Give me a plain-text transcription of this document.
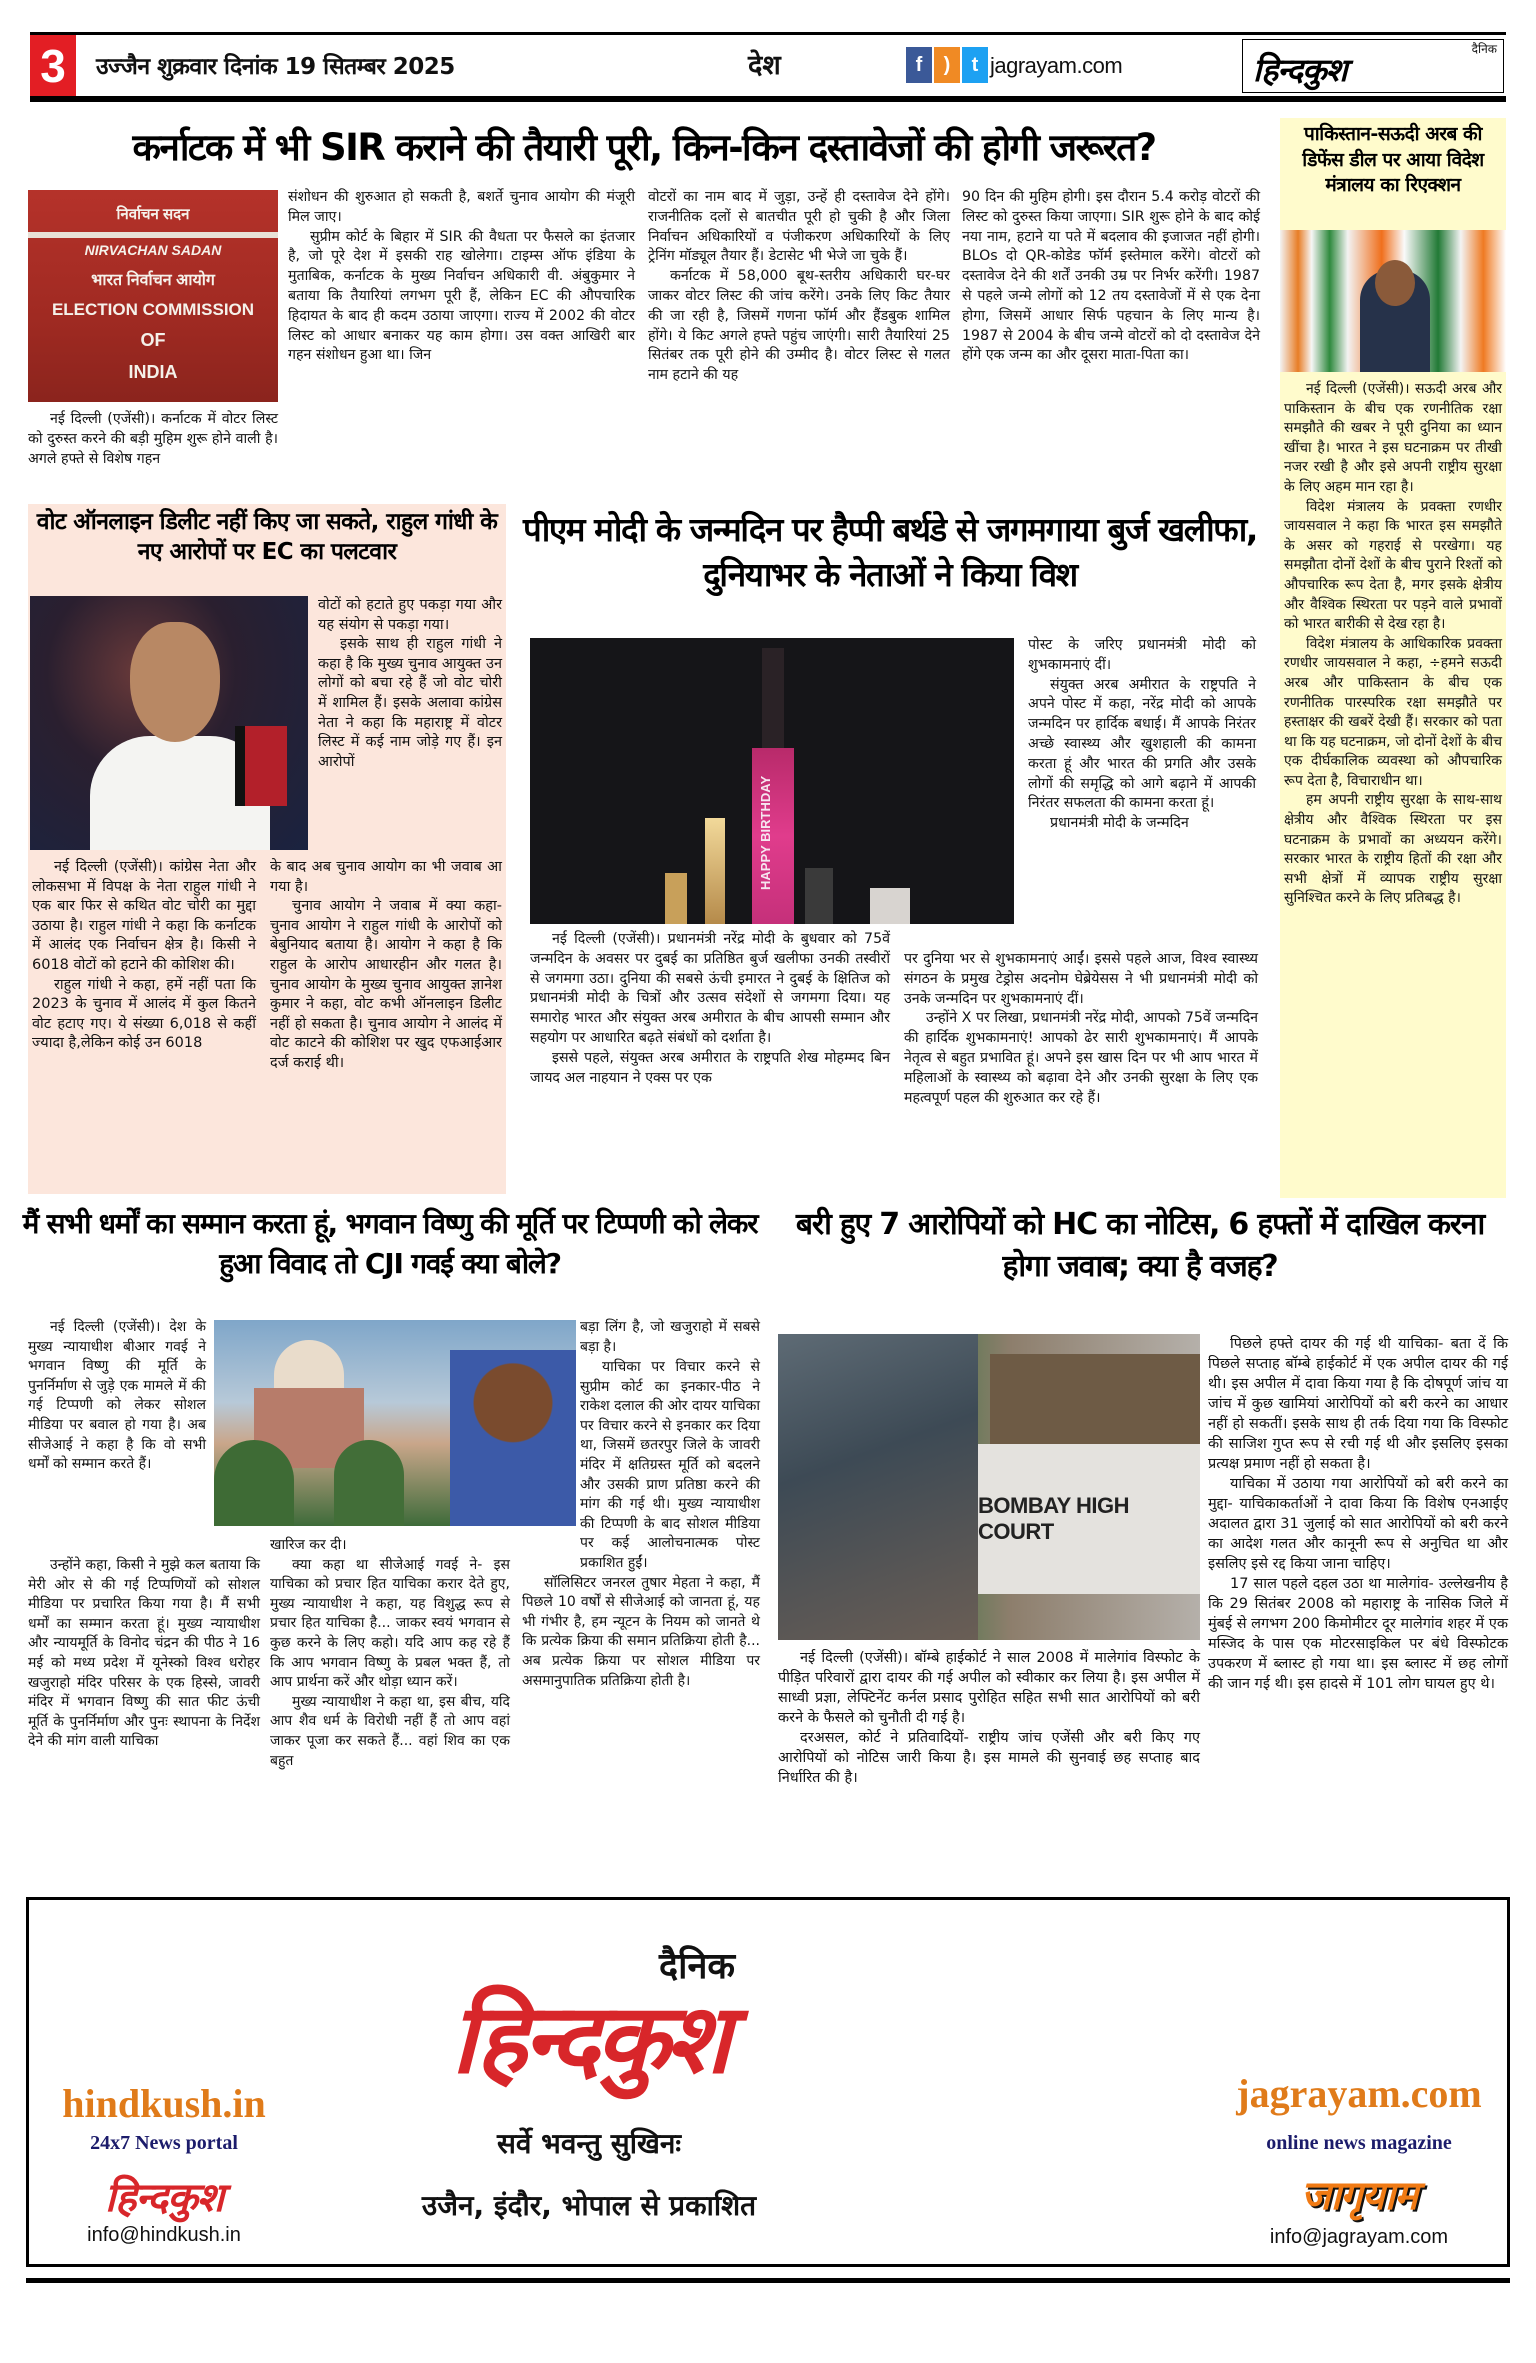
3	उज्जैन शुक्रवार दिनांक 19 सितम्बर 2025	देश	f	)	t jagrayam.com
दैनिक
हिन्दकुश
कर्नाटक में भी SIR कराने की तैयारी पूरी, किन-किन दस्तावेजों की होगी जरूरत?
निर्वाचन सदन
NIRVACHAN SADAN
भारत निर्वाचन आयोग
ELECTION COMMISSION
OF
INDIA

नई दिल्ली (एजेंसी)। कर्नाटक में वोटर लिस्ट को दुरुस्त करने की बड़ी मुहिम शुरू होने वाली है। अगले हफ्ते से विशेष गहन

संशोधन की शुरुआत हो सकती है, बशर्ते चुनाव आयोग की मंजूरी मिल जाए।

सुप्रीम कोर्ट के बिहार में SIR की वैधता पर फैसले का इंतजार है, जो पूरे देश में इसकी राह खोलेगा। टाइम्स ऑफ इंडिया के मुताबिक, कर्नाटक के मुख्य निर्वाचन अधिकारी वी. अंबुकुमार ने बताया कि तैयारियां लगभग पूरी हैं, लेकिन EC की औपचारिक हिदायत के बाद ही कदम उठाया जाएगा। राज्य में 2002 की वोटर लिस्ट को आधार बनाकर यह काम होगा। उस वक्त आखिरी बार गहन संशोधन हुआ था। जिन

वोटरों का नाम बाद में जुड़ा, उन्हें ही दस्तावेज देने होंगे। राजनीतिक दलों से बातचीत पूरी हो चुकी है और जिला निर्वाचन अधिकारियों व पंजीकरण अधिकारियों के लिए ट्रेनिंग मॉड्यूल तैयार हैं। डेटासेट भी भेजे जा चुके हैं।

कर्नाटक में 58,000 बूथ-स्तरीय अधिकारी घर-घर जाकर वोटर लिस्ट की जांच करेंगे। उनके लिए किट तैयार की जा रही है, जिसमें गणना फॉर्म और हैंडबुक शामिल होंगे। ये किट अगले हफ्ते पहुंच जाएंगी। सारी तैयारियां 25 सितंबर तक पूरी होने की उम्मीद है। वोटर लिस्ट से गलत नाम हटाने की यह

90 दिन की मुहिम होगी। इस दौरान 5.4 करोड़ वोटरों की लिस्ट को दुरुस्त किया जाएगा। SIR शुरू होने के बाद कोई नया नाम, हटाने या पते में बदलाव की इजाजत नहीं होगी। BLOs दो QR-कोडेड फॉर्म इस्तेमाल करेंगे। वोटरों को दस्तावेज देने की शर्तें उनकी उम्र पर निर्भर करेंगी। 1987 से पहले जन्मे लोगों को 12 तय दस्तावेजों में से एक देना होगा, जिसमें आधार सिर्फ पहचान के लिए मान्य है। 1987 से 2004 के बीच जन्मे वोटरों को दो दस्तावेज देने होंगे एक जन्म का और दूसरा माता-पिता का।

पाकिस्तान-सऊदी अरब की डिफेंस डील पर आया विदेश मंत्रालय का रिएक्शन

नई दिल्ली (एजेंसी)। सऊदी अरब और पाकिस्तान के बीच एक रणनीतिक रक्षा समझौते की खबर ने पूरी दुनिया का ध्यान खींचा है। भारत ने इस घटनाक्रम पर तीखी नजर रखी है और इसे अपनी राष्ट्रीय सुरक्षा के लिए अहम मान रहा है।

विदेश मंत्रालय के प्रवक्ता रणधीर जायसवाल ने कहा कि भारत इस समझौते के असर को गहराई से परखेगा। यह समझौता दोनों देशों के बीच पुराने रिश्तों को औपचारिक रूप देता है, मगर इसके क्षेत्रीय और वैश्विक स्थिरता पर पड़ने वाले प्रभावों को भारत बारीकी से देख रहा है।

विदेश मंत्रालय के आधिकारिक प्रवक्ता रणधीर जायसवाल ने कहा, ÷हमने सऊदी अरब और पाकिस्तान के बीच एक रणनीतिक पारस्परिक रक्षा समझौते पर हस्ताक्षर की खबरें देखी हैं। सरकार को पता था कि यह घटनाक्रम, जो दोनों देशों के बीच एक दीर्घकालिक व्यवस्था को औपचारिक रूप देता है, विचाराधीन था।

हम अपनी राष्ट्रीय सुरक्षा के साथ-साथ क्षेत्रीय और वैश्विक स्थिरता पर इस घटनाक्रम के प्रभावों का अध्ययन करेंगे। सरकार भारत के राष्ट्रीय हितों की रक्षा और सभी क्षेत्रों में व्यापक राष्ट्रीय सुरक्षा सुनिश्चित करने के लिए प्रतिबद्ध है।

वोट ऑनलाइन डिलीट नहीं किए जा सकते, राहुल गांधी के नए आरोपों पर EC का पलटवार

वोटों को हटाते हुए पकड़ा गया और यह संयोग से पकड़ा गया।

इसके साथ ही राहुल गांधी ने कहा है कि मुख्य चुनाव आयुक्त उन लोगों को बचा रहे हैं जो वोट चोरी में शामिल हैं। इसके अलावा कांग्रेस नेता ने कहा कि महाराष्ट्र में वोटर लिस्ट में कई नाम जोड़े गए हैं। इन आरोपों

नई दिल्ली (एजेंसी)। कांग्रेस नेता और लोकसभा में विपक्ष के नेता राहुल गांधी ने एक बार फिर से कथित वोट चोरी का मुद्दा उठाया है। राहुल गांधी ने कहा कि कर्नाटक में आलंद एक निर्वाचन क्षेत्र है। किसी ने 6018 वोटों को हटाने की कोशिश की।

राहुल गांधी ने कहा, हमें नहीं पता कि 2023 के चुनाव में आलंद में कुल कितने वोट हटाए गए। ये संख्या 6,018 से कहीं ज्यादा है,लेकिन कोई उन 6018

के बाद अब चुनाव आयोग का भी जवाब आ गया है।

चुनाव आयोग ने जवाब में क्या कहा- चुनाव आयोग ने राहुल गांधी के आरोपों को बेबुनियाद बताया है। आयोग ने कहा है कि राहुल के आरोप आधारहीन और गलत है। चुनाव आयोग के मुख्य चुनाव आयुक्त ज्ञानेश कुमार ने कहा, वोट कभी ऑनलाइन डिलीट नहीं हो सकता है। चुनाव आयोग ने आलंद में वोट काटने की कोशिश पर खुद एफआईआर दर्ज कराई थी।

पीएम मोदी के जन्मदिन पर हैप्पी बर्थडे से जगमगाया बुर्ज खलीफा, दुनियाभर के नेताओं ने किया विश
HAPPY BIRTHDAY

पोस्ट के जरिए प्रधानमंत्री मोदी को शुभकामनाएं दीं।

संयुक्त अरब अमीरात के राष्ट्रपति ने अपने पोस्ट में कहा, नरेंद्र मोदी को आपके जन्मदिन पर हार्दिक बधाई। मैं आपके निरंतर अच्छे स्वास्थ्य और खुशहाली की कामना करता हूं और भारत की प्रगति और उसके लोगों की समृद्धि को आगे बढ़ाने में आपकी निरंतर सफलता की कामना करता हूं।

प्रधानमंत्री मोदी के जन्मदिन

नई दिल्ली (एजेंसी)। प्रधानमंत्री नरेंद्र मोदी के बुधवार को 75वें जन्मदिन के अवसर पर दुबई का प्रतिष्ठित बुर्ज खलीफा उनकी तस्वीरों से जगमगा उठा। दुनिया की सबसे ऊंची इमारत ने दुबई के क्षितिज को प्रधानमंत्री मोदी के चित्रों और उत्सव संदेशों से जगमगा दिया। यह समारोह भारत और संयुक्त अरब अमीरात के बीच आपसी सम्मान और सहयोग पर आधारित बढ़ते संबंधों को दर्शाता है।

इससे पहले, संयुक्त अरब अमीरात के राष्ट्रपति शेख मोहम्मद बिन जायद अल नाहयान ने एक्स पर एक

पर दुनिया भर से शुभकामनाएं आईं। इससे पहले आज, विश्व स्वास्थ्य संगठन के प्रमुख टेड्रोस अदनोम घेब्रेयेसस ने भी प्रधानमंत्री मोदी को उनके जन्मदिन पर शुभकामनाएं दीं।

उन्होंने X पर लिखा, प्रधानमंत्री नरेंद्र मोदी, आपको 75वें जन्मदिन की हार्दिक शुभकामनाएं! आपको ढेर सारी शुभकामनाएं। मैं आपके नेतृत्व से बहुत प्रभावित हूं। अपने इस खास दिन पर भी आप भारत में महिलाओं के स्वास्थ्य को बढ़ावा देने और उनकी सुरक्षा के लिए एक महत्वपूर्ण पहल की शुरुआत कर रहे हैं।

मैं सभी धर्मों का सम्मान करता हूं, भगवान विष्णु की मूर्ति पर टिप्पणी को लेकर हुआ विवाद तो CJI गवई क्या बोले?

नई दिल्ली (एजेंसी)। देश के मुख्य न्यायाधीश बीआर गवई ने भगवान विष्णु की मूर्ति के पुनर्निर्माण से जुड़े एक मामले में की गई टिप्पणी को लेकर सोशल मीडिया पर बवाल हो गया है। अब सीजेआई ने कहा है कि वो सभी धर्मों को सम्मान करते हैं।

उन्होंने कहा, किसी ने मुझे कल बताया कि मेरी ओर से की गई टिप्पणियों को सोशल मीडिया पर प्रचारित किया गया है। मैं सभी धर्मों का सम्मान करता हूं। मुख्य न्यायाधीश और न्यायमूर्ति के विनोद चंद्रन की पीठ ने 16 मई को मध्य प्रदेश में यूनेस्को विश्व धरोहर खजुराहो मंदिर परिसर के एक हिस्से, जावरी मंदिर में भगवान विष्णु की सात फीट ऊंची मूर्ति के पुनर्निर्माण और पुनः स्थापना के निर्देश देने की मांग वाली याचिका

खारिज कर दी।

क्या कहा था सीजेआई गवई ने- इस याचिका को प्रचार हित याचिका करार देते हुए, मुख्य न्यायाधीश ने कहा, यह विशुद्ध रूप से प्रचार हित याचिका है... जाकर स्वयं भगवान से कुछ करने के लिए कहो। यदि आप कह रहे हैं कि आप भगवान विष्णु के प्रबल भक्त हैं, तो आप प्रार्थना करें और थोड़ा ध्यान करें।

मुख्य न्यायाधीश ने कहा था, इस बीच, यदि आप शैव धर्म के विरोधी नहीं हैं तो आप वहां जाकर पूजा कर सकते हैं... वहां शिव का एक बहुत

बड़ा लिंग है, जो खजुराहो में सबसे बड़ा है।

याचिका पर विचार करने से सुप्रीम कोर्ट का इनकार-पीठ ने राकेश दलाल की ओर दायर याचिका पर विचार करने से इनकार कर दिया था, जिसमें छतरपुर जिले के जावरी मंदिर में क्षतिग्रस्त मूर्ति को बदलने और उसकी प्राण प्रतिष्ठा करने की मांग की गई थी। मुख्य न्यायाधीश की टिप्पणी के बाद सोशल मीडिया पर कई आलोचनात्मक पोस्ट प्रकाशित हुईं।

सॉलिसिटर जनरल तुषार मेहता ने कहा, मैं पिछले 10 वर्षों से सीजेआई को जानता हूं, यह भी गंभीर है, हम न्यूटन के नियम को जानते थे कि प्रत्येक क्रिया की समान प्रतिक्रिया होती है... अब प्रत्येक क्रिया पर सोशल मीडिया पर असमानुपातिक प्रतिक्रिया होती है।

बरी हुए 7 आरोपियों को HC का नोटिस, 6 हफ्तों में दाखिल करना होगा जवाब; क्या है वजह?
BOMBAY HIGH COURT

नई दिल्ली (एजेंसी)। बॉम्बे हाईकोर्ट ने साल 2008 में मालेगांव विस्फोट के पीड़ित परिवारों द्वारा दायर की गई अपील को स्वीकार कर लिया है। इस अपील में साध्वी प्रज्ञा, लेफ्टिनेंट कर्नल प्रसाद पुरोहित सहित सभी सात आरोपियों को बरी करने के फैसले को चुनौती दी गई है।

दरअसल, कोर्ट ने प्रतिवादियों- राष्ट्रीय जांच एजेंसी और बरी किए गए आरोपियों को नोटिस जारी किया है। इस मामले की सुनवाई छह सप्ताह बाद निर्धारित की है।

पिछले हफ्ते दायर की गई थी याचिका- बता दें कि पिछले सप्ताह बॉम्बे हाईकोर्ट में एक अपील दायर की गई थी। इस अपील में दावा किया गया है कि दोषपूर्ण जांच या जांच में कुछ खामियां आरोपियों को बरी करने का आधार नहीं हो सकतीं। इसके साथ ही तर्क दिया गया कि विस्फोट की साजिश गुप्त रूप से रची गई थी और इसलिए इसका प्रत्यक्ष प्रमाण नहीं हो सकता है।

याचिका में उठाया गया आरोपियों को बरी करने का मुद्दा- याचिकाकर्ताओं ने दावा किया कि विशेष एनआईए अदालत द्वारा 31 जुलाई को सात आरोपियों को बरी करने का आदेश गलत और कानूनी रूप से अनुचित था और इसलिए इसे रद्द किया जाना चाहिए।

17 साल पहले दहल उठा था मालेगांव- उल्लेखनीय है कि 29 सितंबर 2008 को महाराष्ट्र के नासिक जिले में मुंबई से लगभग 200 किमोमीटर दूर मालेगांव शहर में एक मस्जिद के पास एक मोटरसाइकिल पर बंधे विस्फोटक उपकरण में ब्लास्ट हो गया था। इस ब्लास्ट में छह लोगों की जान गई थी। इस हादसे में 101 लोग घायल हुए थे।

hindkush.in
24x7 News portal
हिन्दकुश
info@hindkush.in
दैनिक
हिन्दकुश
सर्वे भवन्तु सुखिनः
उजैन, इंदौर, भोपाल से प्रकाशित
jagrayam.com
online news magazine
जागृयाम
info@jagrayam.com
